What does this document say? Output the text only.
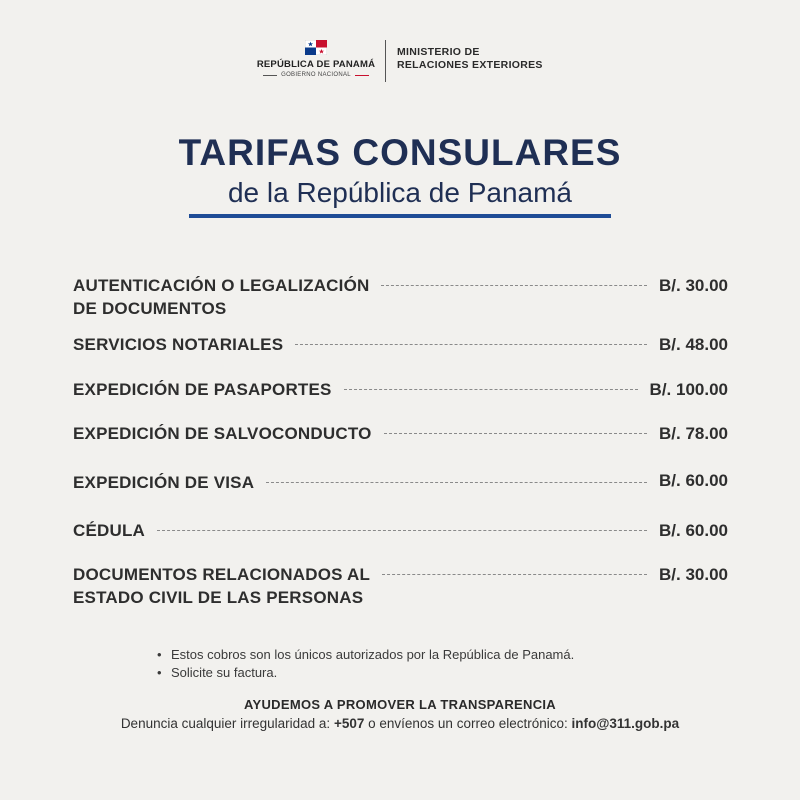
REPÚBLICA DE PANAMÁ
GOBIERNO NACIONAL
MINISTERIO DE
RELACIONES EXTERIORES
TARIFAS CONSULARES
de la República de Panamá
AUTENTICACIÓN O LEGALIZACIÓN
DE DOCUMENTOS
B/. 30.00
SERVICIOS NOTARIALES	B/. 48.00
EXPEDICIÓN DE PASAPORTES	B/. 100.00
EXPEDICIÓN DE SALVOCONDUCTO	B/. 78.00
EXPEDICIÓN DE VISA	B/. 60.00
CÉDULA	B/. 60.00
DOCUMENTOS RELACIONADOS AL
ESTADO CIVIL DE LAS PERSONAS
B/. 30.00
• Estos cobros son los únicos autorizados por la República de Panamá.
• Solicite su factura.
AYUDEMOS A PROMOVER LA TRANSPARENCIA
Denuncia cualquier irregularidad a: +507 o envíenos un correo electrónico: info@311.gob.pa
